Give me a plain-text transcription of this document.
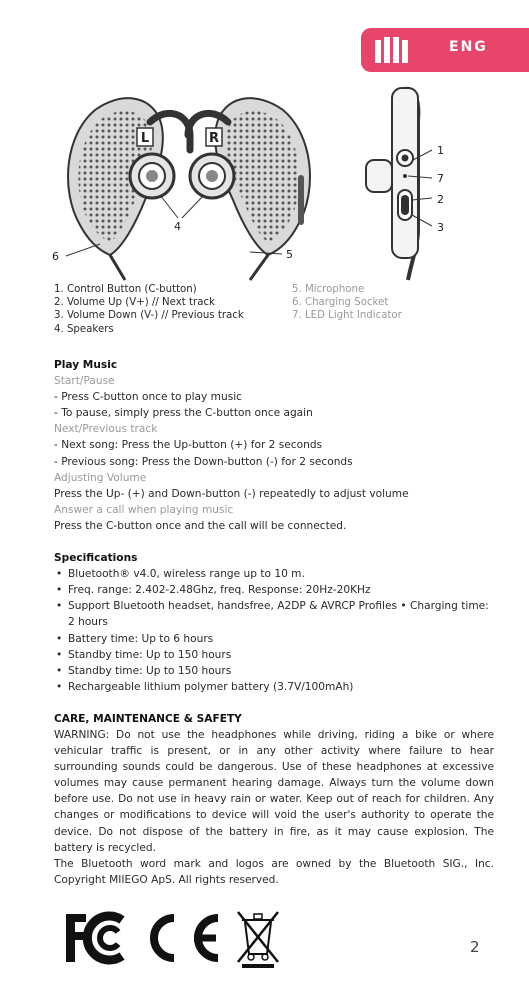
ENG
L	R
1
7
2
3
4
5
6
1. Control Button (C-button)
2. Volume Up (V+) // Next track
3. Volume Down (V-) // Previous track
4. Speakers
5. Microphone
6. Charging Socket
7. LED Light Indicator
Play Music
Start/Pause
- Press C-button once to play music
- To pause, simply press the C-button once again
Next/Previous track
- Next song: Press the Up-button (+) for 2 seconds
- Previous song: Press the Down-button (-) for 2 seconds
Adjusting Volume
Press the Up- (+) and Down-button (-) repeatedly to adjust volume
Answer a call when playing music
Press the C-button once and the call will be connected.
Specifications
• Bluetooth® v4.0, wireless range up to 10 m.
• Freq. range: 2.402-2.48Ghz, freq. Response: 20Hz-20KHz
• Support Bluetooth headset, handsfree, A2DP & AVRCP Profiles • Charging time: 2 hours
• Battery time: Up to 6 hours
• Standby time: Up to 150 hours
• Standby time: Up to 150 hours
• Rechargeable lithium polymer battery (3.7V/100mAh)
CARE, MAINTENANCE & SAFETY
WARNING: Do not use the headphones while driving, riding a bike or where vehicular traffic is present, or in any other activity where failure to hear surrounding sounds could be dangerous. Use of these headphones at excessive volumes may cause permanent hearing damage. Always turn the volume down before use. Do not use in heavy rain or water. Keep out of reach for children. Any changes or modifications to device will void the user's authority to operate the device. Do not dispose of the battery in fire, as it may cause explosion. The battery is recycled.
The Bluetooth word mark and logos are owned by the Bluetooth SIG., Inc. Copyright MIIEGO ApS. All rights reserved.
2
